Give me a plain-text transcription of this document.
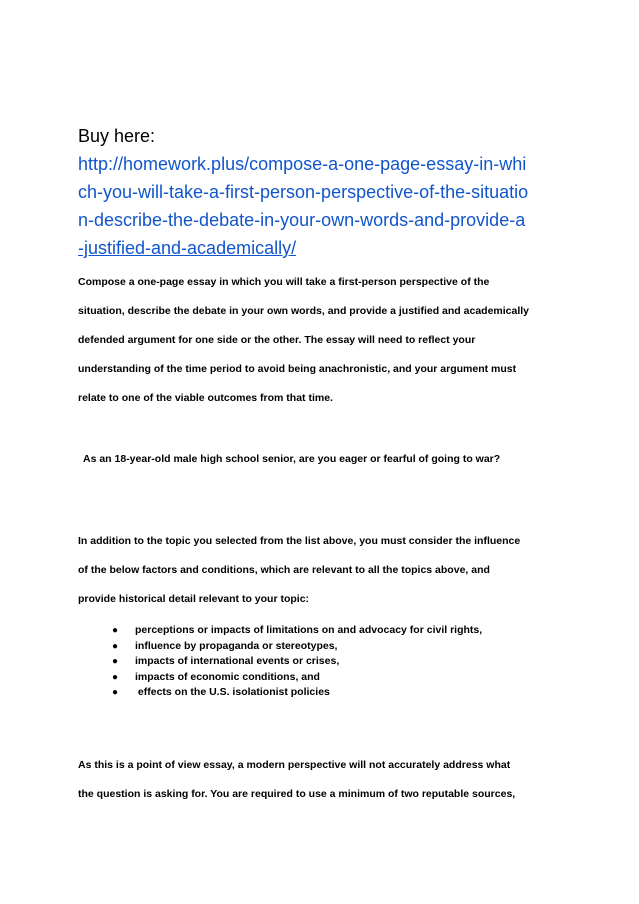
Buy here:
http://homework.plus/compose-a-one-page-essay-in-whi
ch-you-will-take-a-first-person-perspective-of-the-situatio
n-describe-the-debate-in-your-own-words-and-provide-a
-justified-and-academically/
Compose a one-page essay in which you will take a first-person perspective of the
situation, describe the debate in your own words, and provide a justified and academically
defended argument for one side or the other. The essay will need to reflect your
understanding of the time period to avoid being anachronistic, and your argument must
relate to one of the viable outcomes from that time.
As an 18-year-old male high school senior, are you eager or fearful of going to war?
In addition to the topic you selected from the list above, you must consider the influence
of the below factors and conditions, which are relevant to all the topics above, and
provide historical detail relevant to your topic:
● perceptions or impacts of limitations on and advocacy for civil rights,
● influence by propaganda or stereotypes,
● impacts of international events or crises,
● impacts of economic conditions, and
● effects on the U.S. isolationist policies
As this is a point of view essay, a modern perspective will not accurately address what
the question is asking for. You are required to use a minimum of two reputable sources,
